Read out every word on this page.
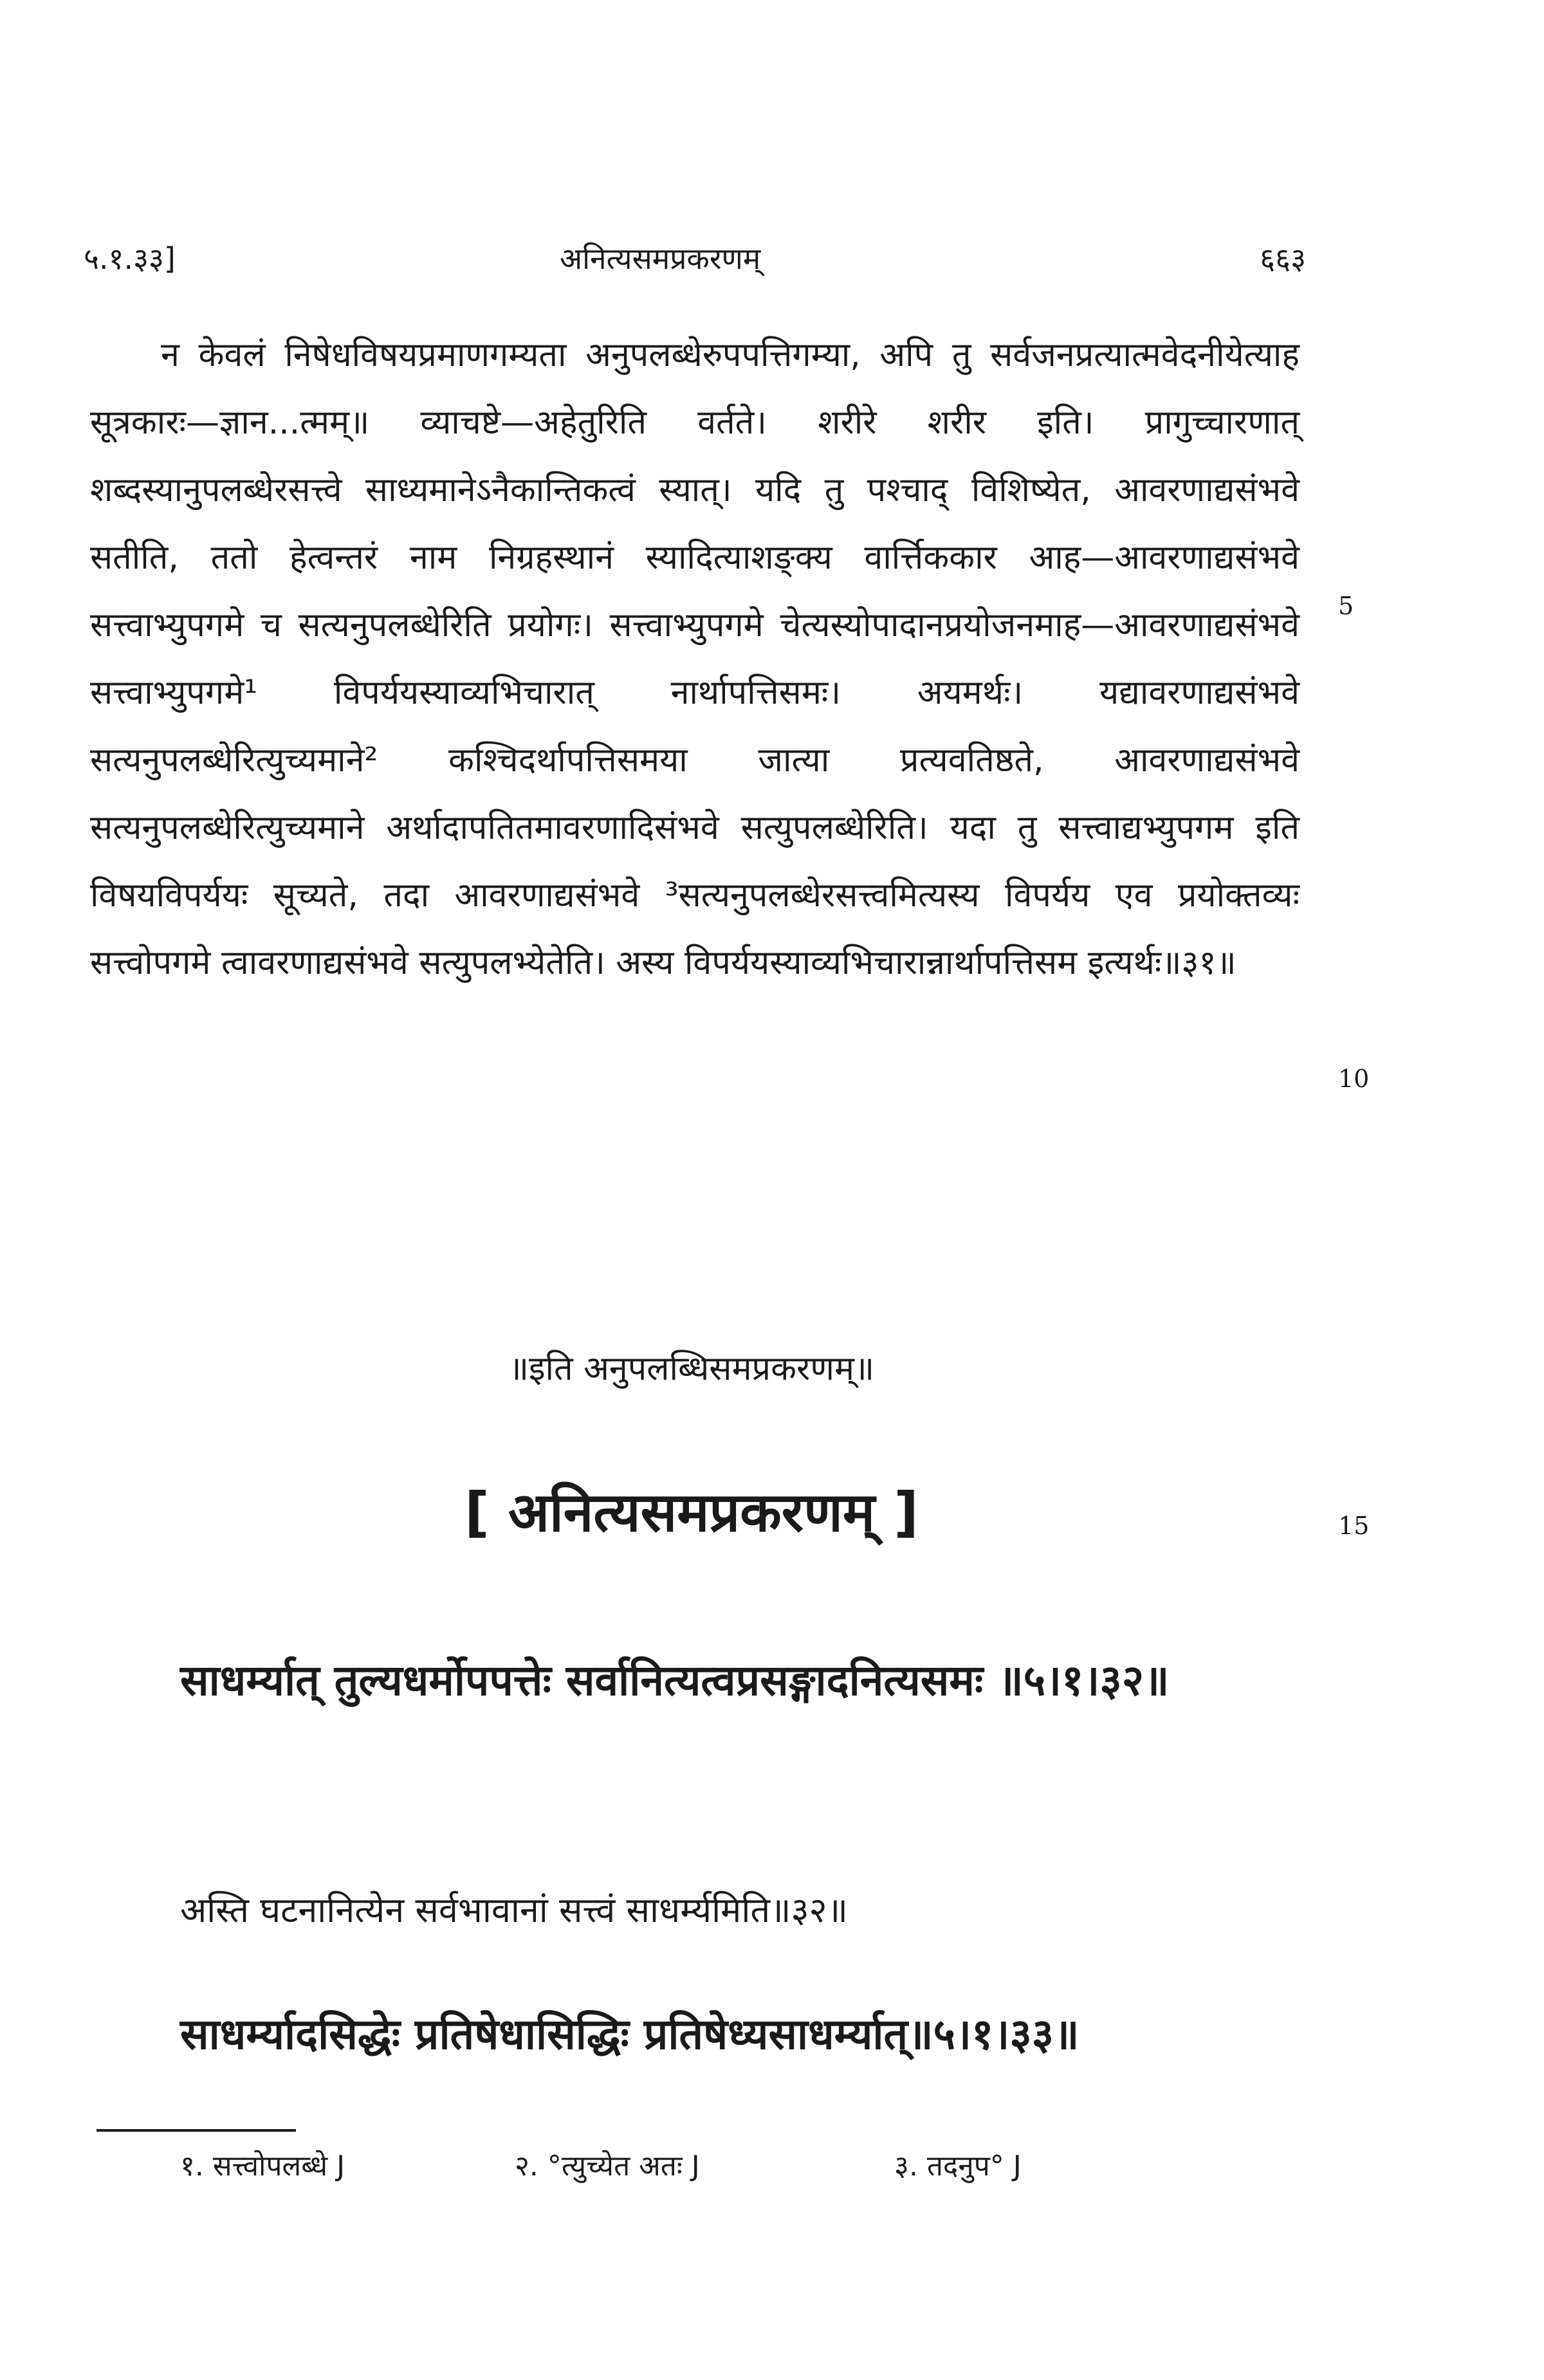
५.१.३३]	अनित्यसमप्रकरणम्	६६३

न केवलं निषेधविषयप्रमाणगम्यता अनुपलब्धेरुपपत्तिगम्या, अपि तु सर्वजनप्रत्यात्मवेदनीयेत्याह सूत्रकारः—ज्ञान...त्मम्॥ व्याचष्टे—अहेतुरिति वर्तते। शरीरे शरीर इति। प्रागुच्चारणात् शब्दस्यानुपलब्धेरसत्त्वे साध्यमानेऽनैकान्तिकत्वं स्यात्। यदि तु पश्चाद् विशिष्येत, आवरणाद्यसंभवे सतीति, ततो हेत्वन्तरं नाम निग्रहस्थानं स्यादित्याशङ्क्य वार्त्तिककार आह—आवरणाद्यसंभवे सत्त्वाभ्युपगमे च सत्यनुपलब्धेरिति प्रयोगः। सत्त्वाभ्युपगमे चेत्यस्योपादानप्रयोजनमाह—आवरणाद्यसंभवे सत्त्वाभ्युपगमे¹ विपर्ययस्याव्यभिचारात् नार्थापत्तिसमः। अयमर्थः। यद्यावरणाद्यसंभवे सत्यनुपलब्धेरित्युच्यमाने² कश्चिदर्थापत्तिसमया जात्या प्रत्यवतिष्ठते, आवरणाद्यसंभवे सत्यनुपलब्धेरित्युच्यमाने अर्थादापतितमावरणादिसंभवे सत्युपलब्धेरिति। यदा तु सत्त्वाद्यभ्युपगम इति विषयविपर्ययः सूच्यते, तदा आवरणाद्यसंभवे ³सत्यनुपलब्धेरसत्त्वमित्यस्य विपर्यय एव प्रयोक्तव्यः सत्त्वोपगमे त्वावरणाद्यसंभवे सत्युपलभ्येतेति। अस्य विपर्ययस्याव्यभिचारान्नार्थापत्तिसम इत्यर्थः॥३१॥

5
10
15
॥इति अनुपलब्धिसमप्रकरणम्॥
[ अनित्यसमप्रकरणम् ]
साधर्म्यात् तुल्यधर्मोपपत्तेः सर्वानित्यत्वप्रसङ्गादनित्यसमः ॥५।१।३२॥
अस्ति घटनानित्येन सर्वभावानां सत्त्वं साधर्म्यमिति॥३२॥
साधर्म्यादसिद्धेः प्रतिषेधासिद्धिः प्रतिषेध्यसाधर्म्यात्॥५।१।३३॥
१. सत्त्वोपलब्धे J	२. °त्युच्येत अतः J	३. तदनुप° J
